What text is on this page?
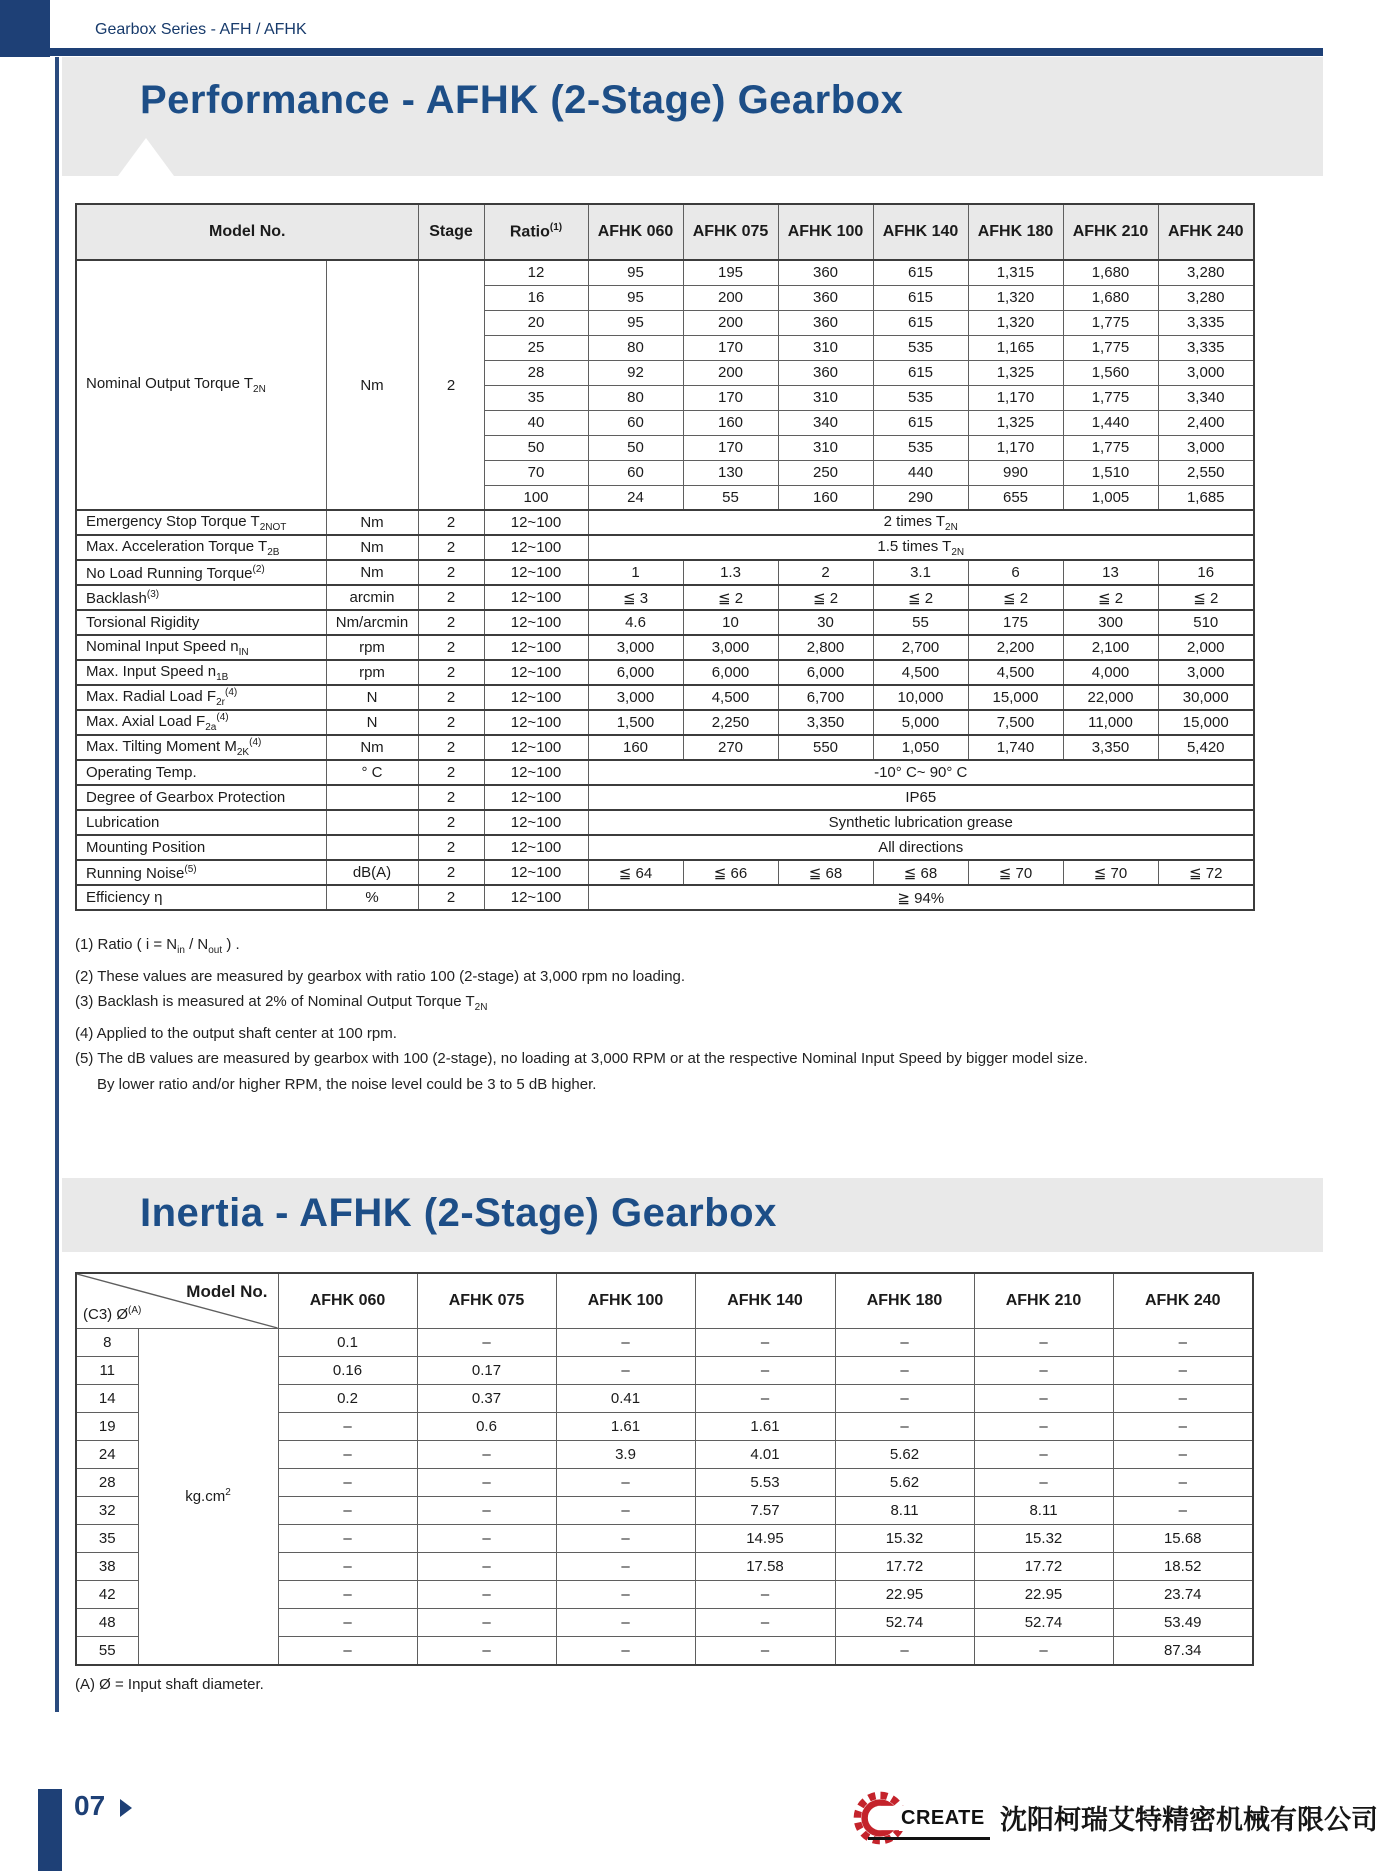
Gearbox Series - AFH / AFHK
Performance - AFHK (2-Stage) Gearbox
Model No.		Stage	Ratio$^{(1)}$	AFHK 060	AFHK 075	AFHK 100	AFHK 140	AFHK 180	AFHK 210	AFHK 240
Nominal Output Torque $T_{2N}$	Nm	2	12	95	195	360	615	1,315	1,680	3,280
			16	95	200	360	615	1,320	1,680	3,280
			20	95	200	360	615	1,320	1,775	3,335
			25	80	170	310	535	1,165	1,775	3,335
			28	92	200	360	615	1,325	1,560	3,000
			35	80	170	310	535	1,170	1,775	3,340
			40	60	160	340	615	1,325	1,440	2,400
			50	50	170	310	535	1,170	1,775	3,000
			70	60	130	250	440	990	1,510	2,550
			100	24	55	160	290	655	1,005	1,685
Emergency Stop Torque $T_{2NOT}$	Nm	2	12~100	2 times $T_{2N}$
Max. Acceleration Torque $T_{2B}$	Nm	2	12~100	1.5 times $T_{2N}$
No Load Running Torque$^{(2)}$	Nm	2	12~100	1	1.3	2	3.1	6	13	16
Backlash$^{(3)}$	arcmin	2	12~100	≦ 3	≦ 2	≦ 2	≦ 2	≦ 2	≦ 2	≦ 2
Torsional Rigidity	Nm/arcmin	2	12~100	4.6	10	30	55	175	300	510
Nominal Input Speed $n_{IN}$	rpm	2	12~100	3,000	3,000	2,800	2,700	2,200	2,100	2,000
Max. Input Speed $n_{1B}$	rpm	2	12~100	6,000	6,000	6,000	4,500	4,500	4,000	3,000
Max. Radial Load $F_{2r}^{(4)}$	N	2	12~100	3,000	4,500	6,700	10,000	15,000	22,000	30,000
Max. Axial Load $F_{2a}^{(4)}$	N	2	12~100	1,500	2,250	3,350	5,000	7,500	11,000	15,000
Max. Tilting Moment $M_{2K}^{(4)}$	Nm	2	12~100	160	270	550	1,050	1,740	3,350	5,420
Operating Temp.	° C	2	12~100	-10° C~ 90° C						
Degree of Gearbox Protection		2	12~100	IP65						
Lubrication		2	12~100	Synthetic lubrication grease						
Mounting Position		2	12~100	All directions						
Running Noise$^{(5)}$	dB(A)	2	12~100	≦ 64	≦ 66	≦ 68	≦ 68	≦ 70	≦ 70	≦ 72
Efficiency η	%	2	12~100	≧ 94%						
(1) Ratio ( $i = N_{in} / N_{out}$ ) .
(2) These values are measured by gearbox with ratio 100 (2-stage) at 3,000 rpm no loading.
(3) Backlash is measured at 2% of Nominal Output Torque $T_{2N}$
(4) Applied to the output shaft center at 100 rpm.
(5) The dB values are measured by gearbox with 100 (2-stage), no loading at 3,000 RPM or at the respective Nominal Input Speed by bigger model size.
By lower ratio and/or higher RPM, the noise level could be 3 to 5 dB higher.
Inertia - AFHK (2-Stage) Gearbox
Model No.
(C3) $Ø^{(A)}$		AFHK 060	AFHK 075	AFHK 100	AFHK 140	AFHK 180	AFHK 210	AFHK 240
8	$kg.cm^2$	0.1	–	–	–	–	–	–
11		0.16	0.17	–	–	–	–	–
14		0.2	0.37	0.41	–	–	–	–
19		–	0.6	1.61	1.61	–	–	–
24		–	–	3.9	4.01	5.62	–	–
28		–	–	–	5.53	5.62	–	–
32		–	–	–	7.57	8.11	8.11	–
35		–	–	–	14.95	15.32	15.32	15.68
38		–	–	–	17.58	17.72	17.72	18.52
42		–	–	–	–	22.95	22.95	23.74
48		–	–	–	–	52.74	52.74	53.49
55		–	–	–	–	–	–	87.34
(A) Ø = Input shaft diameter.
07	CREATE 沈阳柯瑞艾特精密机械有限公司
